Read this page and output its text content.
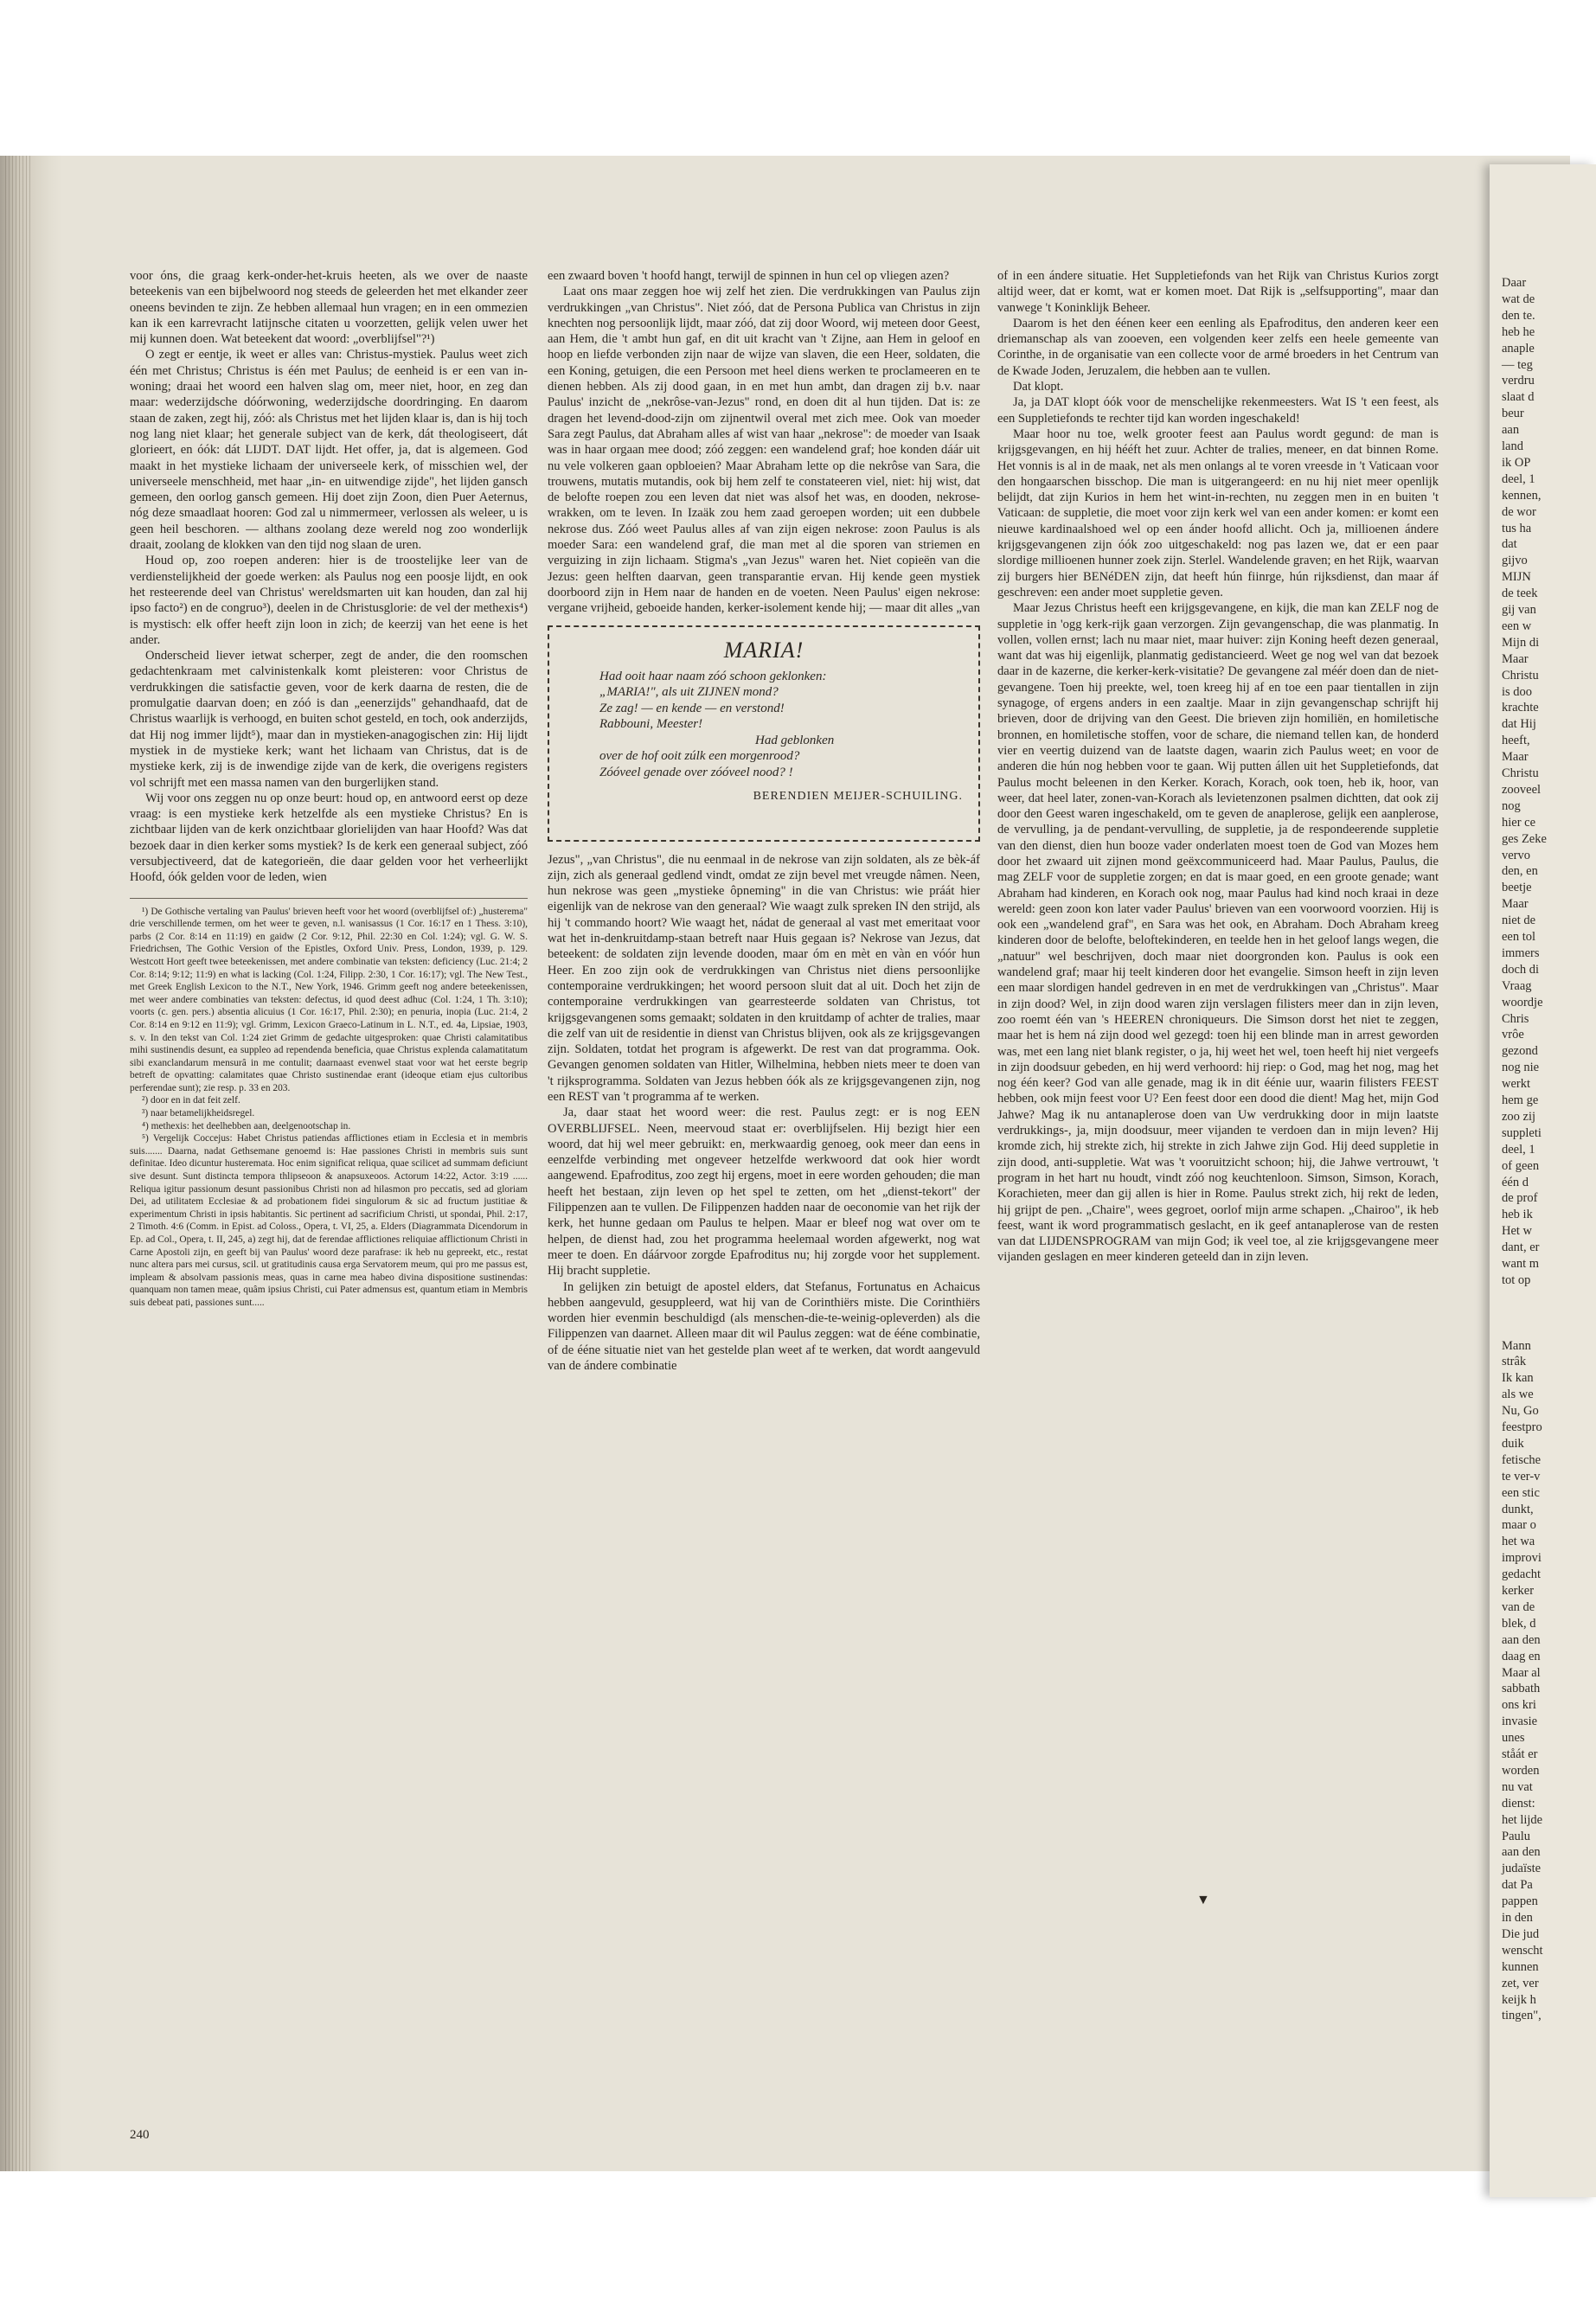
voor óns, die graag kerk-onder-het-kruis heeten, als we over de naaste beteekenis van een bijbelwoord nog steeds de geleerden het met elkander zeer oneens bevinden te zijn. Ze hebben allemaal hun vragen; en in een ommezien kan ik een karrevracht latijnsche citaten u voorzetten, gelijk velen uwer het mij kunnen doen. Wat beteekent dat woord: „overblijfsel"?¹)

O zegt er eentje, ik weet er alles van: Christus-mystiek. Paulus weet zich één met Christus; Christus is één met Paulus; de eenheid is er een van in-woning; draai het woord een halven slag om, meer niet, hoor, en zeg dan maar: wederzijdsche dóórwoning, wederzijdsche doordringing. En daarom staan de zaken, zegt hij, zóó: als Christus met het lijden klaar is, dan is hij toch nog lang niet klaar; het generale subject van de kerk, dát theologiseert, dát glorieert, en óók: dát LIJDT. DAT lijdt. Het offer, ja, dat is algemeen. God maakt in het mystieke lichaam der universeele kerk, of misschien wel, der universeele menschheid, met haar „in- en uitwendige zijde", het lijden gansch gemeen, den oorlog gansch gemeen. Hij doet zijn Zoon, dien Puer Aeternus, nóg deze smaadlaat hooren: God zal u nimmermeer, verlossen als weleer, u is geen heil beschoren. — althans zoolang deze wereld nog zoo wonderlijk draait, zoolang de klokken van den tijd nog slaan de uren.

Houd op, zoo roepen anderen: hier is de troostelijke leer van de verdienstelijkheid der goede werken: als Paulus nog een poosje lijdt, en ook het resteerende deel van Christus' wereldsmarten uit kan houden, dan zal hij ipso facto²) en de congruo³), deelen in de Christusglorie: de vel der methexis⁴) is mystisch: elk offer heeft zijn loon in zich; de keerzij van het eene is het ander.

Onderscheid liever ietwat scherper, zegt de ander, die den roomschen gedachtenkraam met calvinistenkalk komt pleisteren: voor Christus de verdrukkingen die satisfactie geven, voor de kerk daarna de resten, die de promulgatie daarvan doen; en zóó is dan „eenerzijds" gehandhaafd, dat de Christus waarlijk is verhoogd, en buiten schot gesteld, en toch, ook anderzijds, dat Hij nog immer lijdt⁵), maar dan in mystieken-anagogischen zin: Hij lijdt mystiek in de mystieke kerk; want het lichaam van Christus, dat is de mystieke kerk, zij is de inwendige zijde van de kerk, die overigens registers vol schrijft met een massa namen van den burgerlijken stand.

Wij voor ons zeggen nu op onze beurt: houd op, en antwoord eerst op deze vraag: is een mystieke kerk hetzelfde als een mystieke Christus? En is zichtbaar lijden van de kerk onzichtbaar glorielijden van haar Hoofd? Was dat bezoek daar in dien kerker soms mystiek? Is de kerk een generaal subject, zóó versubjectiveerd, dat de kategorieën, die daar gelden voor het verheerlijkt Hoofd, óók gelden voor de leden, wien

¹) De Gothische vertaling van Paulus' brieven heeft voor het woord (overblijfsel of:) „husterema" drie verschillende termen, om het weer te geven, n.l. wanisassus (1 Cor. 16:17 en 1 Thess. 3:10), parbs (2 Cor. 8:14 en 11:19) en gaidw (2 Cor. 9:12, Phil. 22:30 en Col. 1:24); vgl. G. W. S. Friedrichsen, The Gothic Version of the Epistles, Oxford Univ. Press, London, 1939, p. 129. Westcott Hort geeft twee beteekenissen, met andere combinatie van teksten: deficiency (Luc. 21:4; 2 Cor. 8:14; 9:12; 11:9) en what is lacking (Col. 1:24, Filipp. 2:30, 1 Cor. 16:17); vgl. The New Test., met Greek English Lexicon to the N.T., New York, 1946. Grimm geeft nog andere beteekenissen, met weer andere combinaties van teksten: defectus, id quod deest adhuc (Col. 1:24, 1 Th. 3:10); voorts (c. gen. pers.) absentia alicuius (1 Cor. 16:17, Phil. 2:30); en penuria, inopia (Luc. 21:4, 2 Cor. 8:14 en 9:12 en 11:9); vgl. Grimm, Lexicon Graeco-Latinum in L. N.T., ed. 4a, Lipsiae, 1903, s. v. In den tekst van Col. 1:24 ziet Grimm de gedachte uitgesproken: quae Christi calamitatibus mihi sustinendis desunt, ea suppleo ad rependenda beneficia, quae Christus explenda calamatitatum sibi exanclandarum mensurâ in me contulit; daarnaast evenwel staat voor wat het eerste begrip betreft de opvatting: calamitates quae Christo sustinendae erant (ideoque etiam ejus cultoribus perferendae sunt); zie resp. p. 33 en 203.

²) door en in dat feit zelf.

³) naar betamelijkheidsregel.

⁴) methexis: het deelhebben aan, deelgenootschap in.

⁵) Vergelijk Coccejus: Habet Christus patiendas afflictiones etiam in Ecclesia et in membris suis....... Daarna, nadat Gethsemane genoemd is: Hae passiones Christi in membris suis sunt definitae. Ideo dicuntur husteremata. Hoc enim significat reliqua, quae scilicet ad summam deficiunt sive desunt. Sunt distincta tempora thlipseoon & anapsuxeoos. Actorum 14:22, Actor. 3:19 ...... Reliqua igitur passionum desunt passionibus Christi non ad hilasmon pro peccatis, sed ad gloriam Dei, ad utilitatem Ecclesiae & ad probationem fidei singulorum & sic ad fructum justitiae & experimentum Christi in ipsis habitantis. Sic pertinent ad sacrificium Christi, ut spondai, Phil. 2:17, 2 Timoth. 4:6 (Comm. in Epist. ad Coloss., Opera, t. VI, 25, a. Elders (Diagrammata Dicendorum in Ep. ad Col., Opera, t. II, 245, a) zegt hij, dat de ferendae afflictiones reliquiae afflictionum Christi in Carne Apostoli zijn, en geeft bij van Paulus' woord deze parafrase: ik heb nu gepreekt, etc., restat nunc altera pars mei cursus, scil. ut gratitudinis causa erga Servatorem meum, qui pro me passus est, impleam & absolvam passionis meas, quas in carne mea habeo divina dispositione sustinendas: quanquam non tamen meae, quâm ipsius Christi, cui Pater admensus est, quantum etiam in Membris suis debeat pati, passiones sunt.....

een zwaard boven 't hoofd hangt, terwijl de spinnen in hun cel op vliegen azen?

Laat ons maar zeggen hoe wij zelf het zien. Die verdrukkingen van Paulus zijn verdrukkingen „van Christus". Niet zóó, dat de Persona Publica van Christus in zijn knechten nog persoonlijk lijdt, maar zóó, dat zij door Woord, wij meteen door Geest, aan Hem, die 't ambt hun gaf, en dit uit kracht van 't Zijne, aan Hem in geloof en hoop en liefde verbonden zijn naar de wijze van slaven, die een Heer, soldaten, die een Koning, getuigen, die een Persoon met heel diens werken te proclameeren en te dienen hebben. Als zij dood gaan, in en met hun ambt, dan dragen zij b.v. naar Paulus' inzicht de „nekrôse-van-Jezus" rond, en doen dit al hun tijden. Dat is: ze dragen het levend-dood-zijn om zijnentwil overal met zich mee. Ook van moeder Sara zegt Paulus, dat Abraham alles af wist van haar „nekrose": de moeder van Isaak was in haar orgaan mee dood; zóó zeggen: een wandelend graf; hoe konden dáár uit nu vele volkeren gaan opbloeien? Maar Abraham lette op die nekrôse van Sara, die trouwens, mutatis mutandis, ook bij hem zelf te constateeren viel, niet: hij wist, dat de belofte roepen zou een leven dat niet was alsof het was, en dooden, nekrose-wrakken, om te leven. In Izaäk zou hem zaad geroepen worden; uit een dubbele nekrose dus. Zóó weet Paulus alles af van zijn eigen nekrose: zoon Paulus is als moeder Sara: een wandelend graf, die man met al die sporen van striemen en verguizing in zijn lichaam. Stigma's „van Jezus" waren het. Niet copieën van die Jezus: geen helften daarvan, geen transparantie ervan. Hij kende geen mystiek doorboord zijn in Hem naar de handen en de voeten. Neen Paulus' eigen nekrose: vergane vrijheid, geboeide handen, kerker-isolement kende hij; — maar dit alles „van

MARIA!
Had ooit haar naam zóó schoon geklonken:
„MARIA!", als uit ZIJNEN mond?
Ze zag! — en kende — en verstond!
Rabbouni, Meester!
Had geblonken
over de hof ooit zúlk een morgenrood?
Zóóveel genade over zóóveel nood? !
BERENDIEN MEIJER-SCHUILING.

Jezus", „van Christus", die nu eenmaal in de nekrose van zijn soldaten, als ze bèk-áf zijn, zich als generaal gedlend vindt, omdat ze zijn bevel met vreugde nâmen. Neen, hun nekrose was geen „mystieke ôpneming" in die van Christus: wie práát hier eigenlijk van de nekrose van den generaal? Wie waagt zulk spreken IN den strijd, als hij 't commando hoort? Wie waagt het, nádat de generaal al vast met emeritaat voor wat het in-denkruitdamp-staan betreft naar Huis gegaan is? Nekrose van Jezus, dat beteekent: de soldaten zijn levende dooden, maar óm en mèt en vàn en vóór hun Heer. En zoo zijn ook de verdrukkingen van Christus niet diens persoonlijke contemporaine verdrukkingen; het woord persoon sluit dat al uit. Doch het zijn de contemporaine verdrukkingen van gearresteerde soldaten van Christus, tot krijgsgevangenen soms gemaakt; soldaten in den kruitdamp of achter de tralies, maar die zelf van uit de residentie in dienst van Christus blijven, ook als ze krijgsgevangen zijn. Soldaten, totdat het program is afgewerkt. De rest van dat programma. Ook. Gevangen genomen soldaten van Hitler, Wilhelmina, hebben niets meer te doen van 't rijksprogramma. Soldaten van Jezus hebben óók als ze krijgsgevangenen zijn, nog een REST van 't programma af te werken.

Ja, daar staat het woord weer: die rest. Paulus zegt: er is nog EEN OVERBLIJFSEL. Neen, meervoud staat er: overblijfselen. Hij bezigt hier een woord, dat hij wel meer gebruikt: en, merkwaardig genoeg, ook meer dan eens in eenzelfde verbinding met ongeveer hetzelfde werkwoord dat ook hier wordt aangewend. Epafroditus, zoo zegt hij ergens, moet in eere worden gehouden; die man heeft het bestaan, zijn leven op het spel te zetten, om het „dienst-tekort" der Filippenzen aan te vullen. De Filippenzen hadden naar de oeconomie van het rijk der kerk, het hunne gedaan om Paulus te helpen. Maar er bleef nog wat over om te helpen, de dienst had, zou het programma heelemaal worden afgewerkt, nog wat meer te doen. En dáárvoor zorgde Epafroditus nu; hij zorgde voor het supplement. Hij bracht suppletie.

In gelijken zin betuigt de apostel elders, dat Stefanus, Fortunatus en Achaicus hebben aangevuld, gesuppleerd, wat hij van de Corinthiërs miste. Die Corinthiërs worden hier evenmin beschuldigd (als menschen-die-te-weinig-opleverden) als die Filippenzen van daarnet. Alleen maar dit wil Paulus zeggen: wat de ééne combinatie, of de ééne situatie niet van het gestelde plan weet af te werken, dat wordt aangevuld van de ándere combinatie

of in een ándere situatie. Het Suppletiefonds van het Rijk van Christus Kurios zorgt altijd weer, dat er komt, wat er komen moet. Dat Rijk is „selfsupporting", maar dan vanwege 't Koninklijk Beheer.

Daarom is het den éénen keer een eenling als Epafroditus, den anderen keer een driemanschap als van zooeven, een volgenden keer zelfs een heele gemeente van Corinthe, in de organisatie van een collecte voor de armé broeders in het Centrum van de Kwade Joden, Jeruzalem, die hebben aan te vullen.

Dat klopt.

Ja, ja DAT klopt óók voor de menschelijke rekenmeesters. Wat IS 't een feest, als een Suppletiefonds te rechter tijd kan worden ingeschakeld!

Maar hoor nu toe, welk grooter feest aan Paulus wordt gegund: de man is krijgsgevangen, en hij hééft het zuur. Achter de tralies, meneer, en dat binnen Rome. Het vonnis is al in de maak, net als men onlangs al te voren vreesde in 't Vaticaan voor den hongaarschen bisschop. Die man is uitgerangeerd: en nu hij niet meer openlijk belijdt, dat zijn Kurios in hem het wint-in-rechten, nu zeggen men in en buiten 't Vaticaan: de suppletie, die moet voor zijn kerk wel van een ander komen: er komt een nieuwe kardinaalshoed wel op een ánder hoofd allicht. Och ja, millioenen ándere krijgsgevangenen zijn óók zoo uitgeschakeld: nog pas lazen we, dat er een paar slordige millioenen hunner zoek zijn. Sterlel. Wandelende graven; en het Rijk, waarvan zij burgers hier BENéDEN zijn, dat heeft hún fiinrge, hún rijksdienst, dan maar áf geschreven: een ander moet suppletie geven.

Maar Jezus Christus heeft een krijgsgevangene, en kijk, die man kan ZELF nog de suppletie in 'ogg kerk-rijk gaan verzorgen. Zijn gevangenschap, die was planmatig. In vollen, vollen ernst; lach nu maar niet, maar huiver: zijn Koning heeft dezen generaal, want dat was hij eigenlijk, planmatig gedistancieerd. Weet ge nog wel van dat bezoek daar in de kazerne, die kerker-kerk-visitatie? De gevangene zal méér doen dan de niet-gevangene. Toen hij preekte, wel, toen kreeg hij af en toe een paar tientallen in zijn synagoge, of ergens anders in een zaaltje. Maar in zijn gevangenschap schrijft hij brieven, door de drijving van den Geest. Die brieven zijn homiliën, en homiletische bronnen, en homiletische stoffen, voor de schare, die niemand tellen kan, de honderd vier en veertig duizend van de laatste dagen, waarin zich Paulus weet; en voor de anderen die hún nog hebben voor te gaan. Wij putten állen uit het Suppletiefonds, dat Paulus mocht beleenen in den Kerker. Korach, Korach, ook toen, heb ik, hoor, van weer, dat heel later, zonen-van-Korach als levietenzonen psalmen dichtten, dat ook zij door den Geest waren ingeschakeld, om te geven de anaplerose, gelijk een aanplerose, de vervulling, ja de pendant-vervulling, de suppletie, ja de respondeerende suppletie van den dienst, dien hun booze vader onderlaten moest toen de God van Mozes hem door het zwaard uit zijnen mond geëxcommuniceerd had. Maar Paulus, Paulus, die mag ZELF voor de suppletie zorgen; en dat is maar goed, en een groote genade; want Abraham had kinderen, en Korach ook nog, maar Paulus had kind noch kraai in deze wereld: geen zoon kon later vader Paulus' brieven van een voorwoord voorzien. Hij is ook een „wandelend graf", en Sara was het ook, en Abraham. Doch Abraham kreeg kinderen door de belofte, beloftekinderen, en teelde hen in het geloof langs wegen, die „natuur" wel beschrijven, doch maar niet doorgronden kon. Paulus is ook een wandelend graf; maar hij teelt kinderen door het evangelie. Simson heeft in zijn leven een maar slordigen handel gedreven in en met de verdrukkingen van „Christus". Maar in zijn dood? Wel, in zijn dood waren zijn verslagen filisters meer dan in zijn leven, zoo roemt één van 's HEEREN chroniqueurs. Die Simson dorst het niet te zeggen, maar het is hem ná zijn dood wel gezegd: toen hij een blinde man in arrest geworden was, met een lang niet blank register, o ja, hij weet het wel, toen heeft hij niet vergeefs in zijn doodsuur gebeden, en hij werd verhoord: hij riep: o God, mag het nog, mag het nog één keer? God van alle genade, mag ik in dit éénie uur, waarin filisters FEEST hebben, ook mijn feest voor U? Een feest door een dood die dient! Mag het, mijn God Jahwe? Mag ik nu antanaplerose doen van Uw verdrukking door in mijn laatste verdrukkings-, ja, mijn doodsuur, meer vijanden te verdoen dan in mijn leven? Hij kromde zich, hij strekte zich, hij strekte in zich Jahwe zijn God. Hij deed suppletie in zijn dood, anti-suppletie. Wat was 't vooruitzicht schoon; hij, die Jahwe vertrouwt, 't program in het hart nu houdt, vindt zóó nog keuchtenloon. Simson, Simson, Korach, Korachieten, meer dan gij allen is hier in Rome. Paulus strekt zich, hij rekt de leden, hij grijpt de pen. „Chaire", wees gegroet, oorlof mijn arme schapen. „Chairoo", ik heb feest, want ik word programmatisch geslacht, en ik geef antanaplerose van de resten van dat LIJDENSPROGRAM van mijn God; ik veel toe, al zie krijgsgevangene meer vijanden geslagen en meer kinderen geteeld dan in zijn leven.

▼
240
Daar
wat de
den te.
heb he
anaple
— teg
verdru
slaat d
beur
aan
land
ik OP
deel, 1
kennen,
de wor
tus ha
dat
gijvo
MIJN
de teek
gij van
een w
Mijn di
Maar
Christu
is doo
krachte
dat Hij
heeft,
Maar
Christu
zooveel
nog
hier ce
ges Zeke
vervo
den, en
beetje
Maar
niet de
een tol
immers
doch di
Vraag
woordje
Chris
vrôe
gezond
nog nie
werkt
hem ge
zoo zij
suppleti
deel, 1
of geen
één d
de prof
heb ik
Het w
dant, er
want m
tot op
Mann
strâk
Ik kan
als we
Nu, Go
feestpro
duik
fetische
te ver-v
een stic
dunkt,
maar o
het wa
improvi
gedacht
kerker
van de
blek, d
aan den
daag en
Maar al
sabbath
ons kri
invasie
unes
ståát er
worden
nu vat
dienst:
het lijde
Paulu
aan den
judaïste
dat Pa
pappen
in den
Die jud
wenscht
kunnen
zet, ver
keijk h
tingen",
